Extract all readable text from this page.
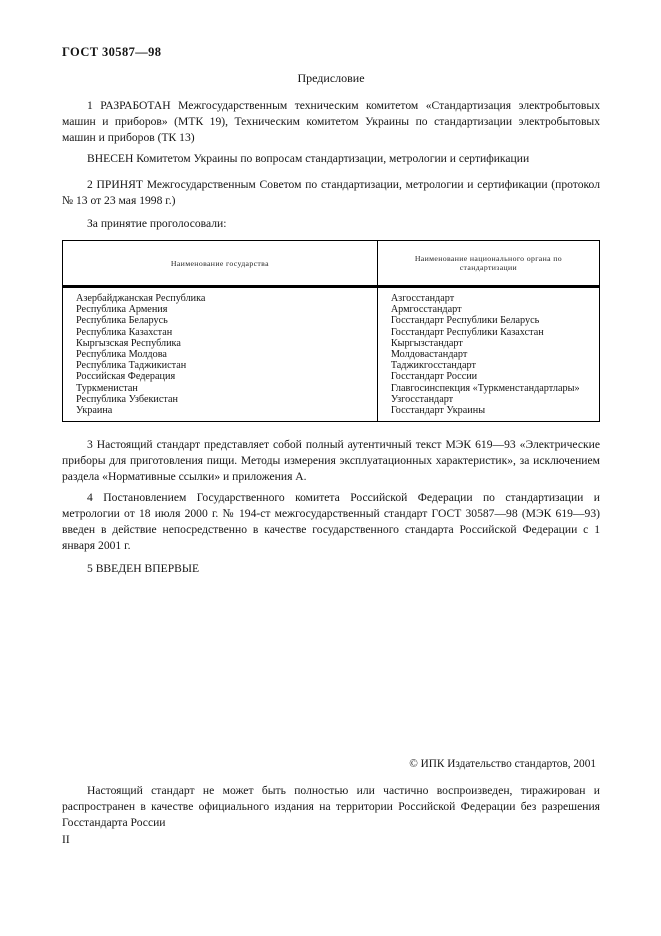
ГОСТ 30587—98
Предисловие

1 РАЗРАБОТАН Межгосударственным техническим комитетом «Стандартизация электробытовых машин и приборов» (МТК 19), Техническим комитетом Украины по стандартизации электробытовых машин и приборов (ТК 13)

ВНЕСЕН Комитетом Украины по вопросам стандартизации, метрологии и сертификации

2 ПРИНЯТ Межгосударственным Советом по стандартизации, метрологии и сертификации (протокол № 13 от 23 мая 1998 г.)

За принятие проголосовали:

Наименование государства	Наименование национального органа по стандартизации
Азербайджанская Республика	Азгосстандарт
Республика Армения	Армгосстандарт
Республика Беларусь	Госстандарт Республики Беларусь
Республика Казахстан	Госстандарт Республики Казахстан
Кыргызская Республика	Кыргызстандарт
Республика Молдова	Молдовастандарт
Республика Таджикистан	Таджикгосстандарт
Российская Федерация	Госстандарт России
Туркменистан	Главгосинспекция «Туркменстандартлары»
Республика Узбекистан	Узгосстандарт
Украина	Госстандарт Украины

3 Настоящий стандарт представляет собой полный аутентичный текст МЭК 619—93 «Электрические приборы для приготовления пищи. Методы измерения эксплуатационных характеристик», за исключением раздела «Нормативные ссылки» и приложения А.

4 Постановлением Государственного комитета Российской Федерации по стандартизации и метрологии от 18 июля 2000 г. № 194-ст межгосударственный стандарт ГОСТ 30587—98 (МЭК 619—93) введен в действие непосредственно в качестве государственного стандарта Российской Федерации с 1 января 2001 г.

5 ВВЕДЕН ВПЕРВЫЕ

© ИПК Издательство стандартов, 2001

Настоящий стандарт не может быть полностью или частично воспроизведен, тиражирован и распространен в качестве официального издания на территории Российской Федерации без разрешения Госстандарта России

II
